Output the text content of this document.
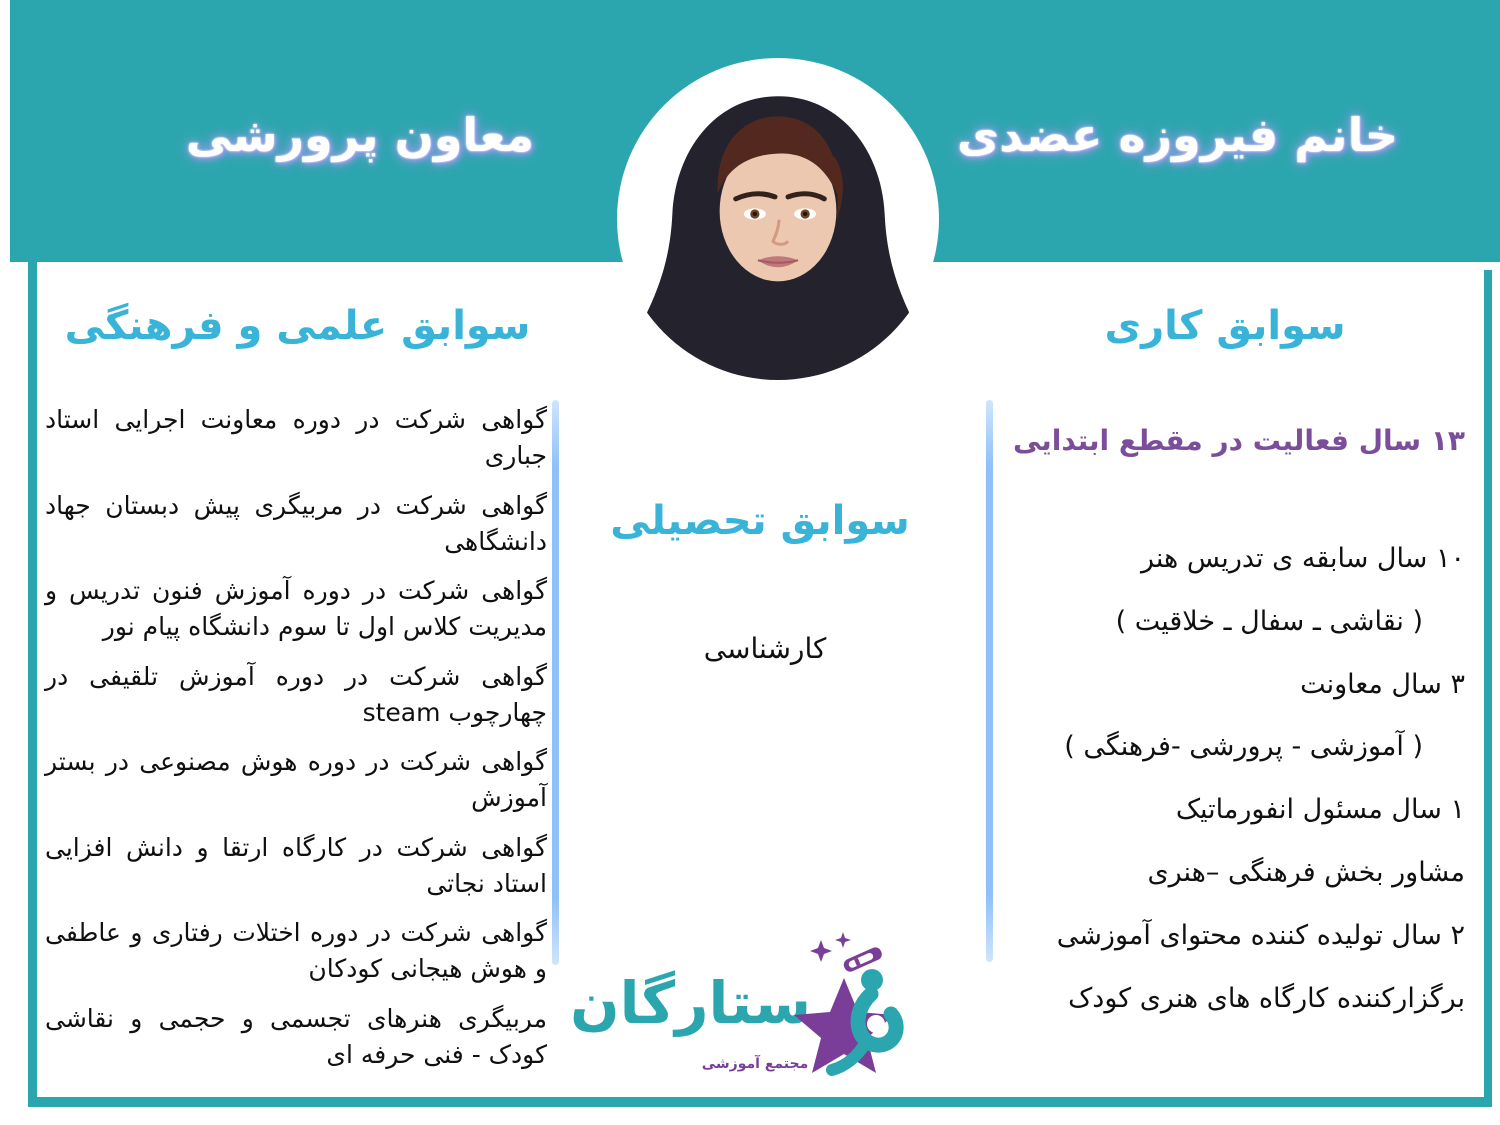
خانم فیروزه عضدی
معاون پرورشی
سوابق علمی و فرهنگی
گواهی شرکت در دوره معاونت اجرایی استاد جباری
گواهی شرکت در مربیگری پیش دبستان جهاد دانشگاهی
گواهی شرکت در دوره آموزش فنون تدریس و مدیریت کلاس اول تا سوم دانشگاه پیام نور
گواهی شرکت در دوره آموزش تلقیفی در چهارچوب steam
گواهی شرکت در دوره هوش مصنوعی در بستر آموزش
گواهی شرکت در کارگاه ارتقا و دانش افزایی استاد نجاتی
گواهی شرکت در دوره اختلات رفتاری و عاطفی و هوش هیجانی کودکان
مربیگری هنرهای تجسمی و حجمی و نقاشی کودک - فنی حرفه ای
سوابق تحصیلی
کارشناسی
سوابق کاری
۱۳ سال فعالیت در مقطع ابتدایی
۱۰ سال سابقه ی تدریس هنر
( نقاشی ـ سفال ـ خلاقیت )
۳ سال معاونت
( آموزشی - پرورشی -فرهنگی )
۱ سال مسئول انفورماتیک
مشاور بخش فرهنگی –هنری
۲ سال تولیده کننده محتوای آموزشی
برگزارکننده کارگاه های هنری کودک
ستارگان
مجتمع آموزشی
